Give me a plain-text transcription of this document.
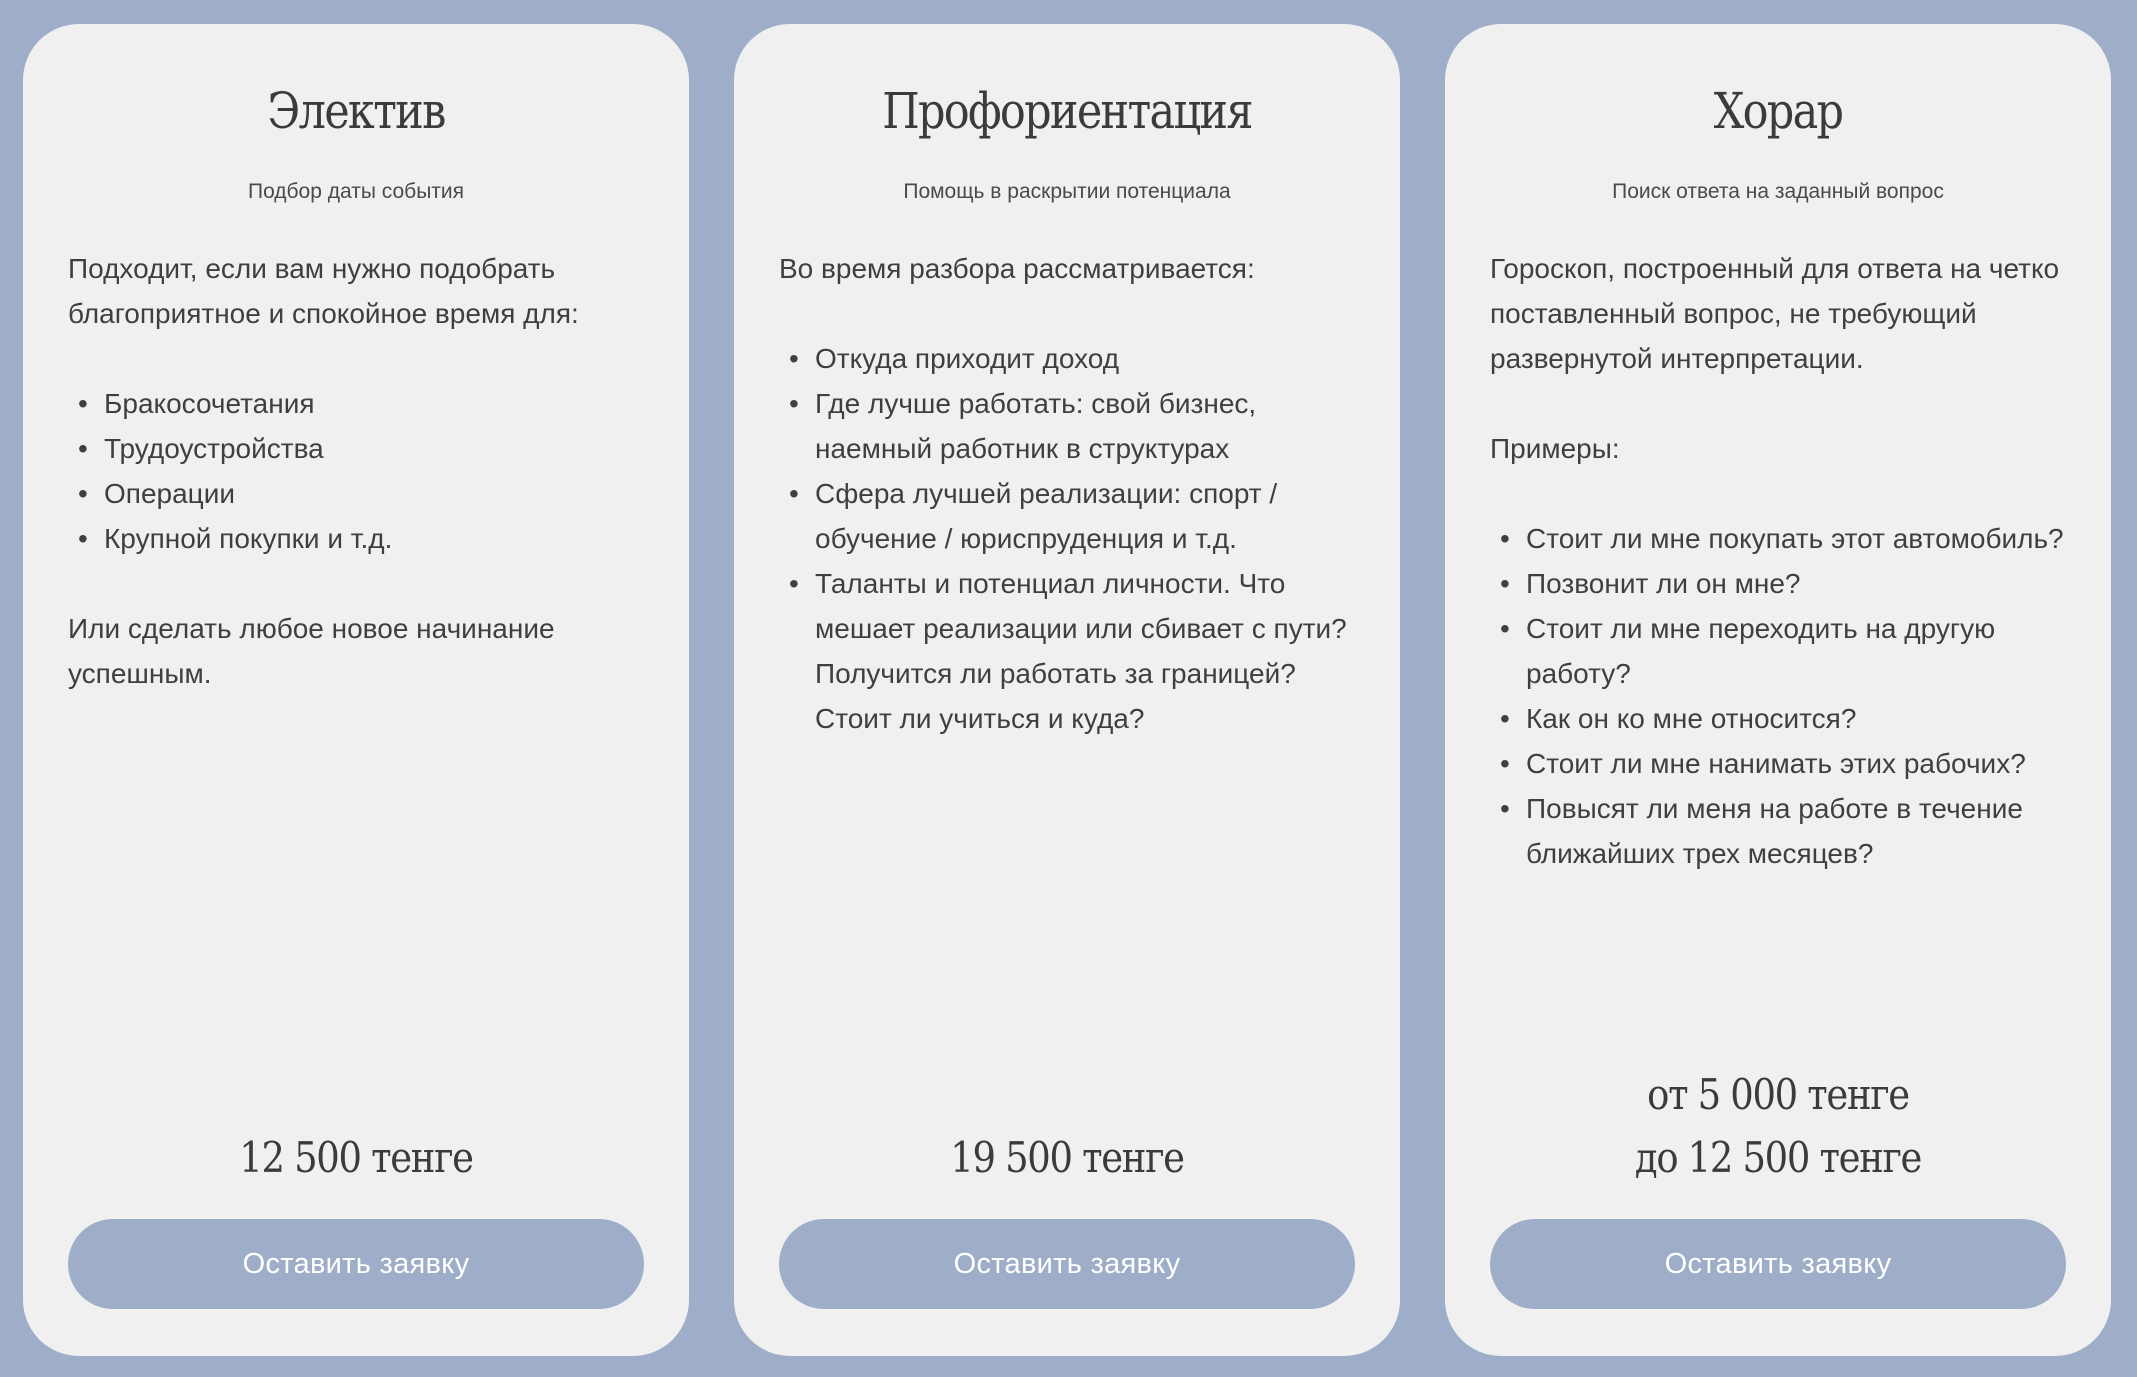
Электив
Подбор даты события

Подходит, если вам нужно подобрать благоприятное и спокойное время для:

• Бракосочетания
• Трудоустройства
• Операции
• Крупной покупки и т.д.

Или сделать любое новое начинание успешным.

12 500 тенге
Оставить заявку
Профориентация
Помощь в раскрытии потенциала

Во время разбора рассматривается:

• Откуда приходит доход
• Где лучше работать: свой бизнес, наемный работник в структурах
• Сфера лучшей реализации: спорт / обучение / юриспруденция и т.д.
• Таланты и потенциал личности. Что мешает реализации или сбивает с пути? Получится ли работать за границей? Стоит ли учиться и куда?
19 500 тенге
Оставить заявку
Хорар
Поиск ответа на заданный вопрос

Гороскоп, построенный для ответа на четко поставленный вопрос, не требующий развернутой интерпретации.

Примеры:

• Стоит ли мне покупать этот автомобиль?
• Позвонит ли он мне?
• Стоит ли мне переходить на другую работу?
• Как он ко мне относится?
• Стоит ли мне нанимать этих рабочих?
• Повысят ли меня на работе в течение ближайших трех месяцев?
от 5 000 тенге
до 12 500 тенге
Оставить заявку
